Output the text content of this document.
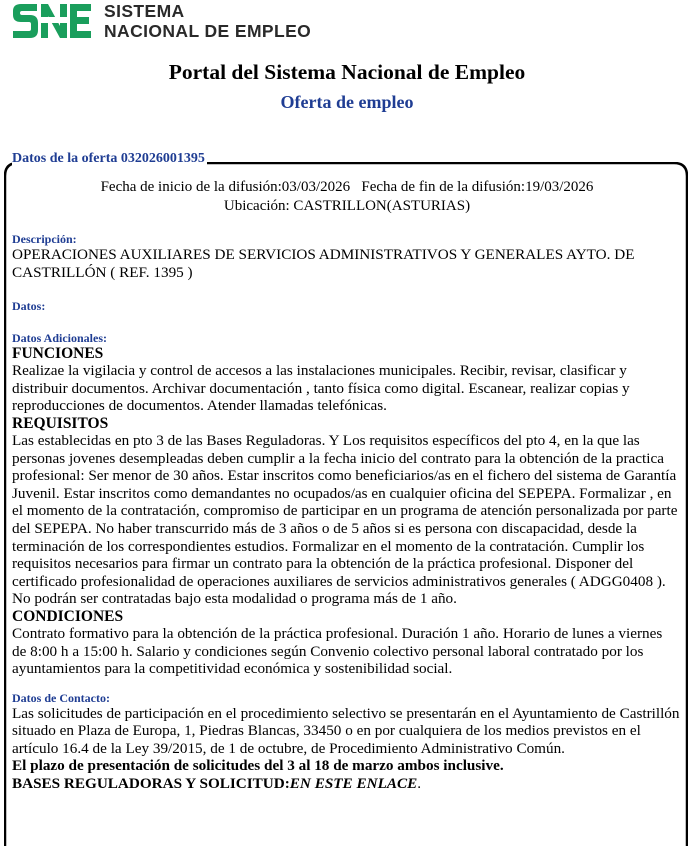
SISTEMA
NACIONAL DE EMPLEO
Portal del Sistema Nacional de Empleo
Oferta de empleo
Datos de la oferta 032026001395
Fecha de inicio de la difusión:03/03/2026   Fecha de fin de la difusión:19/03/2026
Ubicación: CASTRILLON(ASTURIAS)
Descripción:

OPERACIONES AUXILIARES DE SERVICIOS ADMINISTRATIVOS Y GENERALES AYTO. DE CASTRILLÓN ( REF. 1395 )

Datos:
Datos Adicionales:
FUNCIONES

Realizae la vigilacia y control de accesos a las instalaciones municipales. Recibir, revisar, clasificar y distribuir documentos. Archivar documentación , tanto física como digital. Escanear, realizar copias y reproducciones de documentos. Atender llamadas telefónicas.

REQUISITOS

Las establecidas en pto 3 de las Bases Reguladoras. Y Los requisitos específicos del pto 4, en la que las personas jovenes desempleadas deben cumplir a la fecha inicio del contrato para la obtención de la practica profesional: Ser menor de 30 años. Estar inscritos como beneficiarios/as en el fichero del sistema de Garantía Juvenil. Estar inscritos como demandantes no ocupados/as en cualquier oficina del SEPEPA. Formalizar , en el momento de la contratación, compromiso de participar en un programa de atención personalizada por parte del SEPEPA. No haber transcurrido más de 3 años o de 5 años si es persona con discapacidad, desde la terminación de los correspondientes estudios. Formalizar en el momento de la contratación. Cumplir los requisitos necesarios para firmar un contrato para la obtención de la práctica profesional. Disponer del certificado profesionalidad de operaciones auxiliares de servicios administrativos generales ( ADGG0408 ). No podrán ser contratadas bajo esta modalidad o programa más de 1 año.

CONDICIONES

Contrato formativo para la obtención de la práctica profesional. Duración 1 año. Horario de lunes a viernes de 8:00 h a 15:00 h. Salario y condiciones según Convenio colectivo personal laboral contratado por los ayuntamientos para la competitividad económica y sostenibilidad social.

Datos de Contacto:

Las solicitudes de participación en el procedimiento selectivo se presentarán en el Ayuntamiento de Castrillón situado en Plaza de Europa, 1, Piedras Blancas, 33450 o en por cualquiera de los medios previstos en el artículo 16.4 de la Ley 39/2015, de 1 de octubre, de Procedimiento Administrativo Común.

El plazo de presentación de solicitudes del 3 al 18 de marzo ambos inclusive.

BASES REGULADORAS Y SOLICITUD:EN ESTE ENLACE.
